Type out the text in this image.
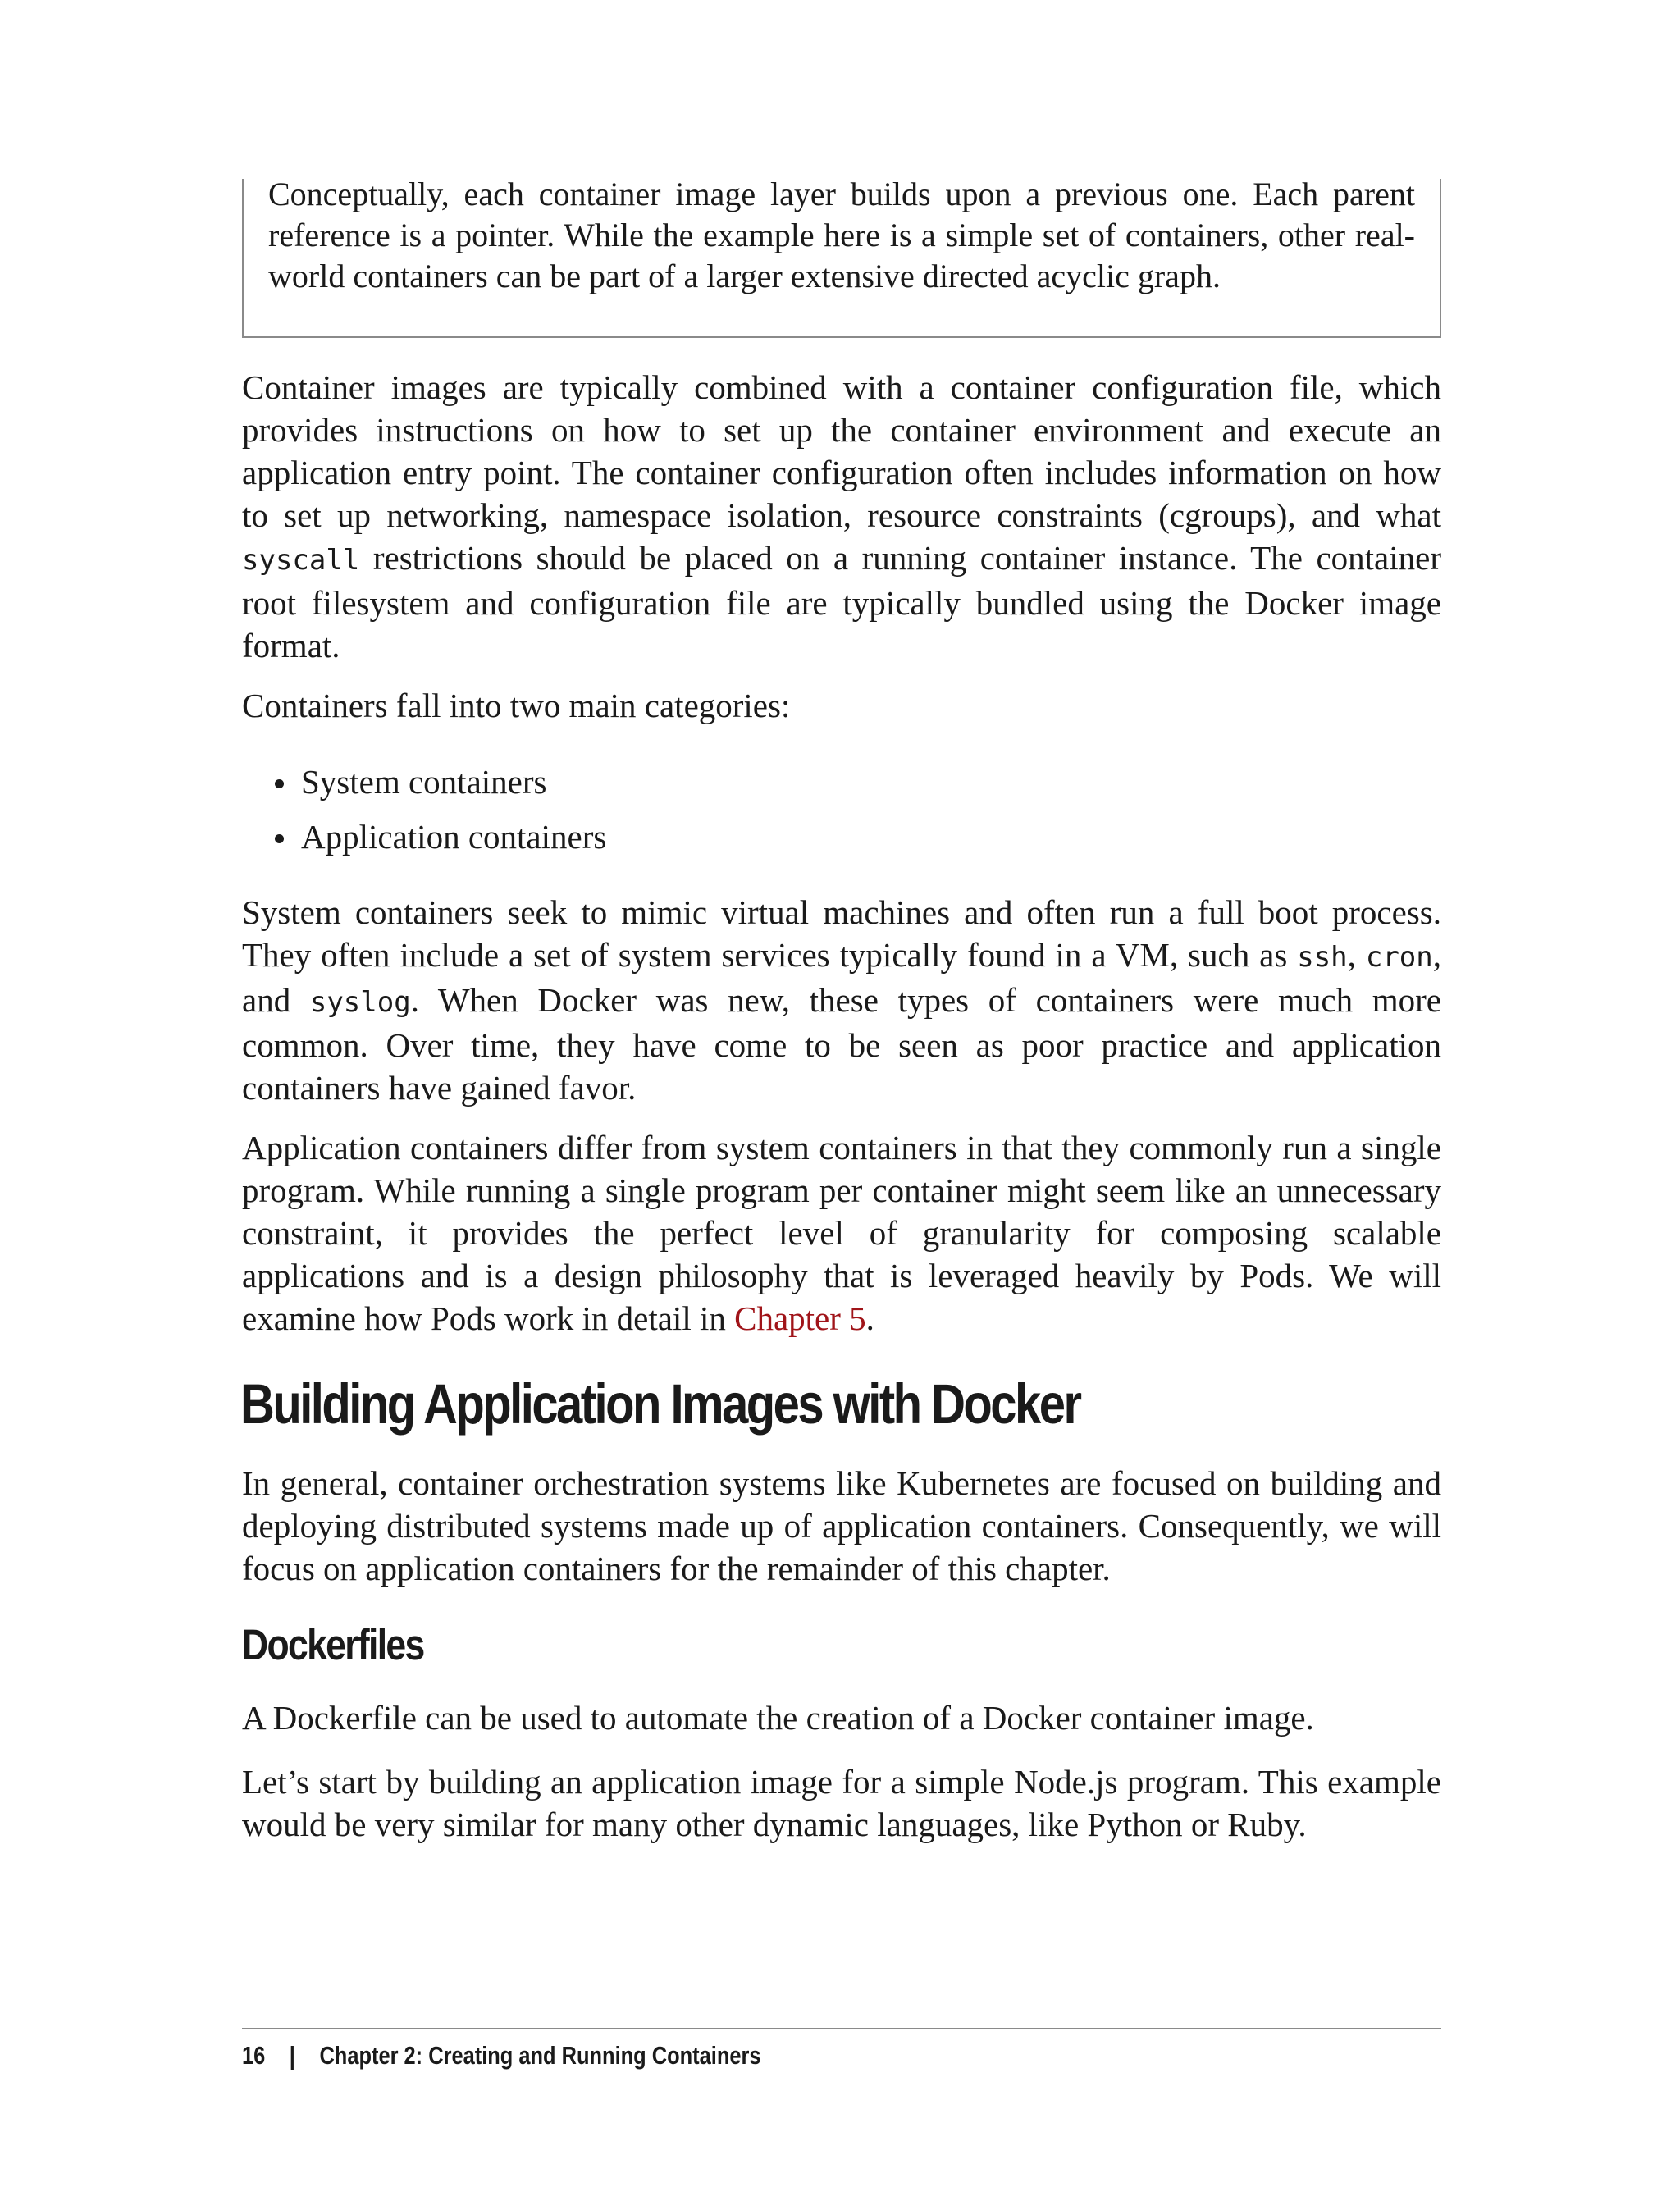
Conceptually, each container image layer builds upon a previous one. Each parent reference is a pointer. While the example here is a simple set of containers, other real-world containers can be part of a larger extensive directed acyclic graph.

Container images are typically combined with a container configuration file, which provides instructions on how to set up the container environment and execute an application entry point. The container configuration often includes information on how to set up networking, namespace isolation, resource constraints (cgroups), and what syscall restrictions should be placed on a running container instance. The container root filesystem and configuration file are typically bundled using the Docker image format.

Containers fall into two main categories:

System containers
Application containers

System containers seek to mimic virtual machines and often run a full boot process. They often include a set of system services typically found in a VM, such as ssh, cron, and syslog. When Docker was new, these types of containers were much more common. Over time, they have come to be seen as poor practice and application containers have gained favor.

Application containers differ from system containers in that they commonly run a single program. While running a single program per container might seem like an unnecessary constraint, it provides the perfect level of granularity for composing scalable applications and is a design philosophy that is leveraged heavily by Pods. We will examine how Pods work in detail in Chapter 5.

Building Application Images with Docker

In general, container orchestration systems like Kubernetes are focused on building and deploying distributed systems made up of application containers. Consequently, we will focus on application containers for the remainder of this chapter.

Dockerfiles

A Dockerfile can be used to automate the creation of a Docker container image.

Let’s start by building an application image for a simple Node.js program. This example would be very similar for many other dynamic languages, like Python or Ruby.

16 | Chapter 2: Creating and Running Containers
